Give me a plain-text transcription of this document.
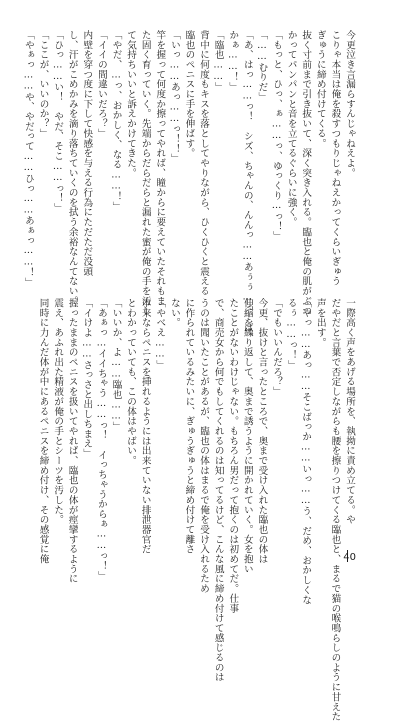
今更泣き言漏らすんじゃねえよ。
こりゃ本当は俺を殺すつもりじゃねえかってくらいぎゅう
ぎゅうに締め付けてくる。
抜く寸前まで引き抜いて、深く突き入れる。臨也と俺の肌がぶつ
かってパンパンと音を立てるぐらいに強く。
「もっと、ひっ、ぁ……っ、ゆっくり…っ！」
「……むりだ」
「あ、はっ……っ！　シズ、ちゃんの、んんっ……あぅぅ…っ、ば、
かぁ……！」
「臨也……」
背中に何度もキスを落としてやりながら、ひくひくと震える
臨也のペニスに手を伸ばす。
「いっ……あっ……っ！！」
竿を握って何度か擦ってやれば、瞳からに要えていたそれもま
た固く育っていく。先端からだらだらと漏れた蜜が俺の手を汚し
て気持ちいいと訴えかけてきた。
「やだ、…っ、おかしく、なる……！」
「イイの間違いだろ？」
内壁を穿つ度に下して快感を与える行為にただただ没頭
し、汗がこめかみを滴り落ちていくのを拭う余裕なんてない。
「ひっ……い！　やだ、そこ……っ！」
「ここが、いいのか？」
「やぁっ……や、やだって……ひっ……あぁっ……！」
一際高く声をあげる場所を、執拗に責め立てる。や
だやだと言葉で否定しながらも腰を擦りつけてくる臨也と、まるで猫の喉鳴らしのように甘えた
声を出す。
「やっ……あっ……そこばっか……いっ……う、だめ、おかしくな
るぅ……っ！」
「でもいいんだろ？」
今更、抜けと言ったところで、奥まで受け入れた臨也の体は
伸縮を繰り返して、奥まで誘うように開かれていく。女を抱い
たことがないわけじゃない。もちろん男だって抱くのは初めてだ。仕事
で、商売女から何でもしてくれるのは知ってるけど、こんな風に締め付けて感じるのは
うのは聞いたことがあるが、臨也の体はまるで俺を受け入れるため
に作られているみたいに、ぎゅうぎゅうと締め付けて離さ
ない。
「やべえ……」
本来ならペニスを挿れるようには出来ていない排泄器官だ
とわかっていても、この体はやばい。
「いいか、よ……臨也……」
「あぁっ…イイちゃう……っ！　イっちゃうからぁ……っ！」
「イけよ……さっさと出しちまえ」
握ったままのペニスを扱いてやれば、臨也の体が痙攣するように
震え、あふれ出た精液が俺の手とシーツを汚した。
同時に力んだ体が中にあるペニスを締め付け、その感覚に俺	40
